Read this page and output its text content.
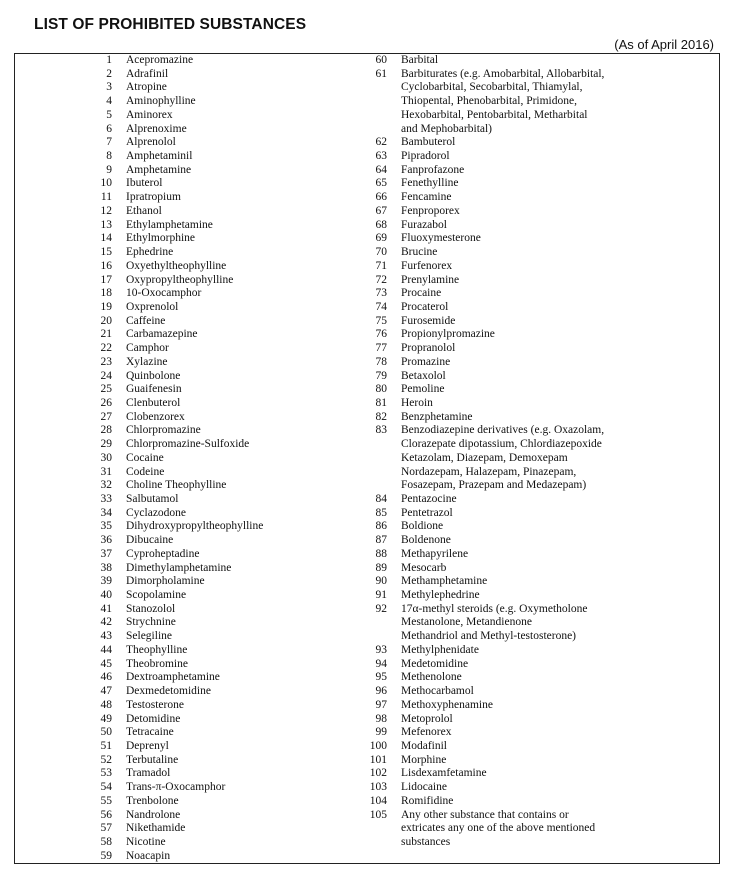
LIST OF PROHIBITED SUBSTANCES
(As of April 2016)
1	Acepromazine
2	Adrafinil
3	Atropine
4	Aminophylline
5	Aminorex
6	Alprenoxime
7	Alprenolol
8	Amphetaminil
9	Amphetamine
10	Ibuterol
11	Ipratropium
12	Ethanol
13	Ethylamphetamine
14	Ethylmorphine
15	Ephedrine
16	Oxyethyltheophylline
17	Oxypropyltheophylline
18	10-Oxocamphor
19	Oxprenolol
20	Caffeine
21	Carbamazepine
22	Camphor
23	Xylazine
24	Quinbolone
25	Guaifenesin
26	Clenbuterol
27	Clobenzorex
28	Chlorpromazine
29	Chlorpromazine-Sulfoxide
30	Cocaine
31	Codeine
32	Choline Theophylline
33	Salbutamol
34	Cyclazodone
35	Dihydroxypropyltheophylline
36	Dibucaine
37	Cyproheptadine
38	Dimethylamphetamine
39	Dimorpholamine
40	Scopolamine
41	Stanozolol
42	Strychnine
43	Selegiline
44	Theophylline
45	Theobromine
46	Dextroamphetamine
47	Dexmedetomidine
48	Testosterone
49	Detomidine
50	Tetracaine
51	Deprenyl
52	Terbutaline
53	Tramadol
54	Trans-π-Oxocamphor
55	Trenbolone
56	Nandrolone
57	Nikethamide
58	Nicotine
59	Noacapin
60	Barbital
61	Barbiturates (e.g. Amobarbital, Allobarbital,
Cyclobarbital, Secobarbital, Thiamylal,
Thiopental, Phenobarbital, Primidone,
Hexobarbital, Pentobarbital, Metharbital
and Mephobarbital)
62	Bambuterol
63	Pipradorol
64	Fanprofazone
65	Fenethylline
66	Fencamine
67	Fenproporex
68	Furazabol
69	Fluoxymesterone
70	Brucine
71	Furfenorex
72	Prenylamine
73	Procaine
74	Procaterol
75	Furosemide
76	Propionylpromazine
77	Propranolol
78	Promazine
79	Betaxolol
80	Pemoline
81	Heroin
82	Benzphetamine
83	Benzodiazepine derivatives (e.g. Oxazolam,
Clorazepate dipotassium, Chlordiazepoxide
Ketazolam, Diazepam, Demoxepam
Nordazepam, Halazepam, Pinazepam,
Fosazepam, Prazepam and Medazepam)
84	Pentazocine
85	Pentetrazol
86	Boldione
87	Boldenone
88	Methapyrilene
89	Mesocarb
90	Methamphetamine
91	Methylephedrine
92	17α-methyl steroids (e.g. Oxymetholone
Mestanolone, Metandienone
Methandriol and Methyl-testosterone)
93	Methylphenidate
94	Medetomidine
95	Methenolone
96	Methocarbamol
97	Methoxyphenamine
98	Metoprolol
99	Mefenorex
100	Modafinil
101	Morphine
102	Lisdexamfetamine
103	Lidocaine
104	Romifidine
105	Any other substance that contains or
extricates any one of the above mentioned
substances
